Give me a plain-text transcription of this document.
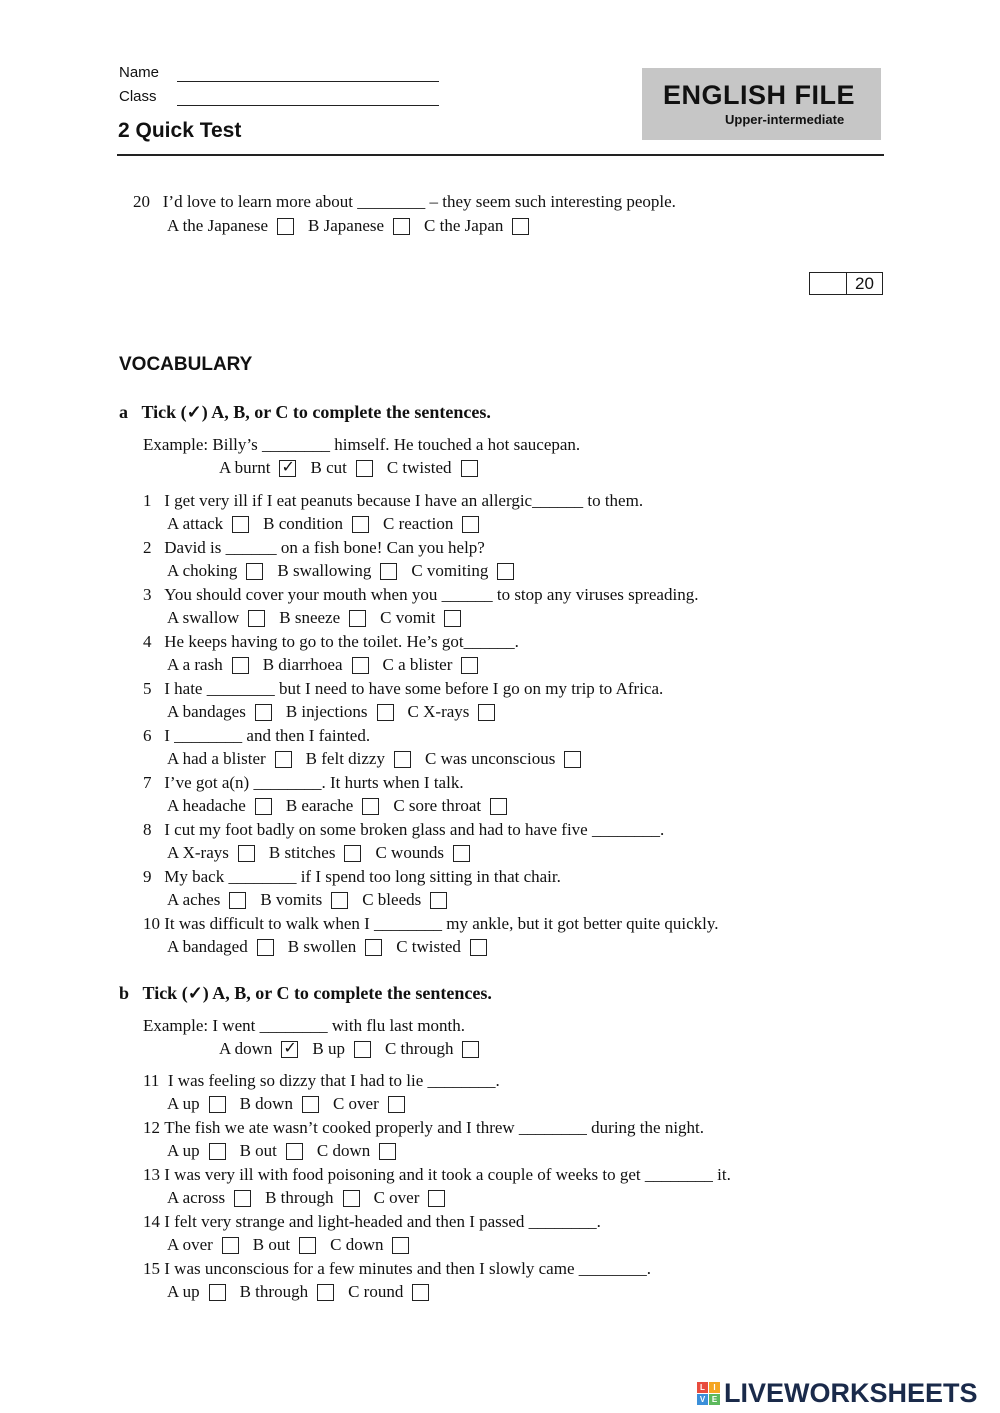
Name
Class
2 Quick Test
ENGLISH FILE
Upper-intermediate
20 I’d love to learn more about ________ – they seem such interesting people.
A the Japanese B Japanese C the Japan
20
VOCABULARY
a Tick (✓) A, B, or C to complete the sentences.
Example: Billy’s ________ himself. He touched a hot saucepan.
A burnt ✓ B cut C twisted
1 I get very ill if I eat peanuts because I have an allergic______ to them.
A attack B condition C reaction
2 David is ______ on a fish bone! Can you help?
A choking B swallowing C vomiting
3 You should cover your mouth when you ______ to stop any viruses spreading.
A swallow B sneeze C vomit
4 He keeps having to go to the toilet. He’s got______.
A a rash B diarrhoea C a blister
5 I hate ________ but I need to have some before I go on my trip to Africa.
A bandages B injections C X-rays
6 I ________ and then I fainted.
A had a blister B felt dizzy C was unconscious
7 I’ve got a(n) ________. It hurts when I talk.
A headache B earache C sore throat
8 I cut my foot badly on some broken glass and had to have five ________.
A X-rays B stitches C wounds
9 My back ________ if I spend too long sitting in that chair.
A aches B vomits C bleeds
10 It was difficult to walk when I ________ my ankle, but it got better quite quickly.
A bandaged B swollen C twisted
b Tick (✓) A, B, or C to complete the sentences.
Example: I went ________ with flu last month.
A down ✓ B up C through
11  I was feeling so dizzy that I had to lie ________.
A up B down C over
12 The fish we ate wasn’t cooked properly and I threw ________ during the night.
A up B out C down
13 I was very ill with food poisoning and it took a couple of weeks to get ________ it.
A across B through C over
14 I felt very strange and light-headed and then I passed ________.
A over B out C down
15 I was unconscious for a few minutes and then I slowly came ________.
A up B through C round
L	I
V E LIVEWORKSHEETS
